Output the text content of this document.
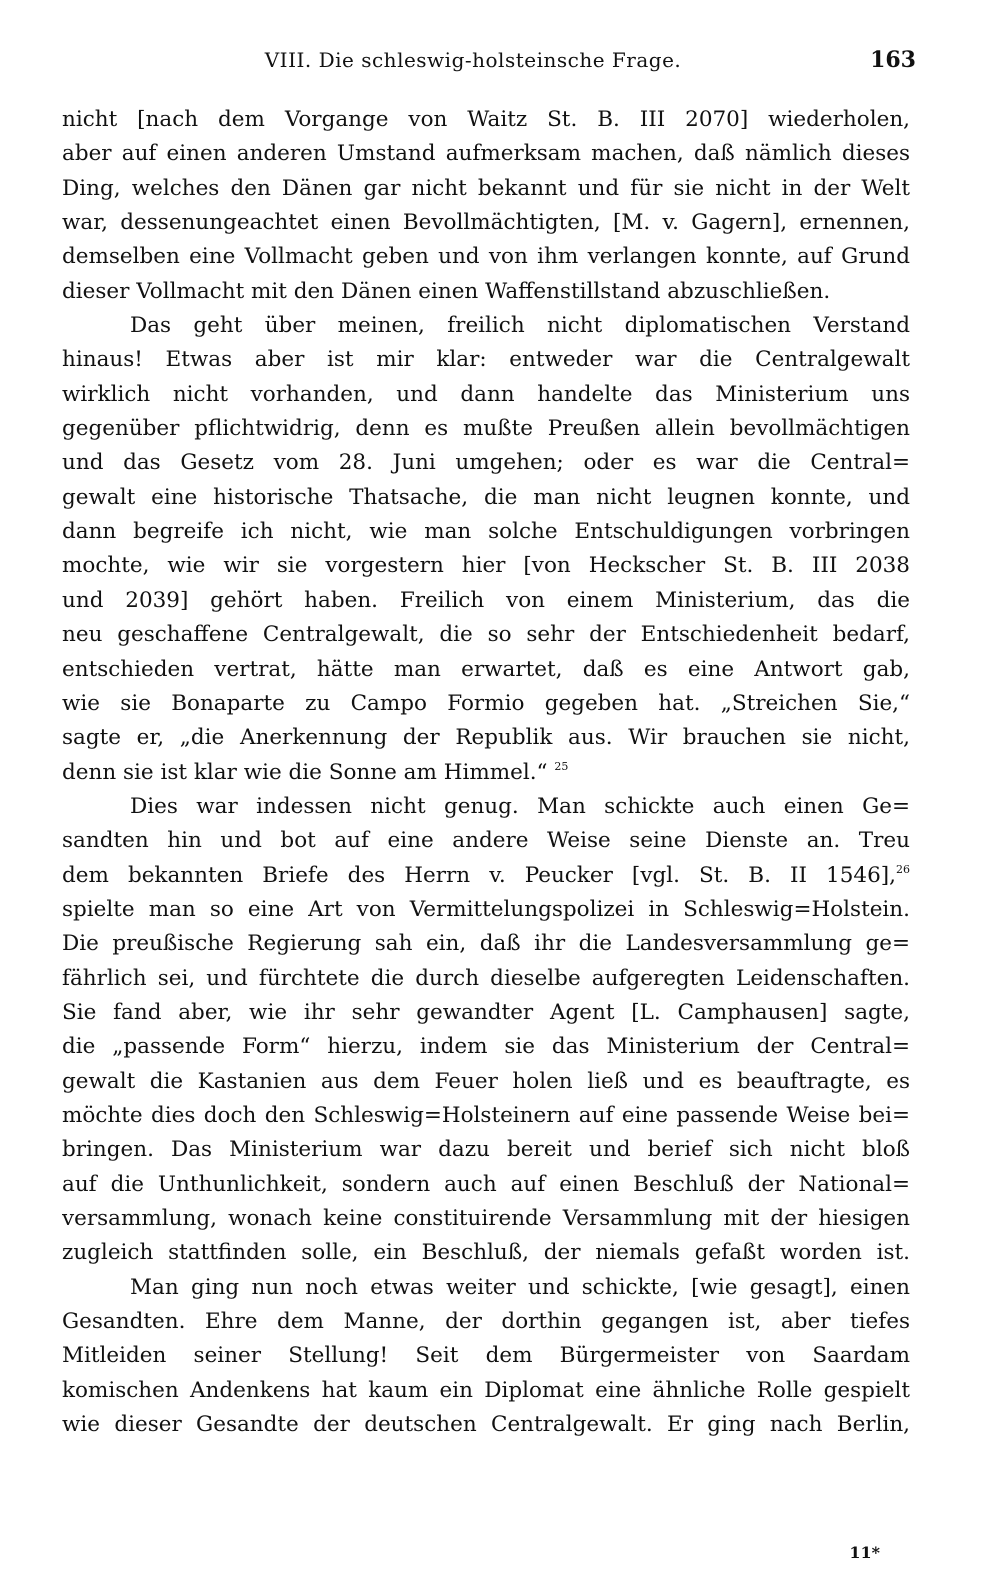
VIII. Die schleswig-holsteinsche Frage.	163
nicht [nach dem Vorgange von Waitz St. B. III 2070] wiederholen,
aber auf einen anderen Umstand aufmerksam machen, daß nämlich dieses
Ding, welches den Dänen gar nicht bekannt und für sie nicht in der Welt
war, dessenungeachtet einen Bevollmächtigten, [M. v. Gagern], ernennen,
demselben eine Vollmacht geben und von ihm verlangen konnte, auf Grund
dieser Vollmacht mit den Dänen einen Waffenstillstand abzuschließen.
Das geht über meinen, freilich nicht diplomatischen Verstand
hinaus! Etwas aber ist mir klar: entweder war die Centralgewalt
wirklich nicht vorhanden, und dann handelte das Ministerium uns
gegenüber pflichtwidrig, denn es mußte Preußen allein bevollmächtigen
und das Gesetz vom 28. Juni umgehen; oder es war die Central=
gewalt eine historische Thatsache, die man nicht leugnen konnte, und
dann begreife ich nicht, wie man solche Entschuldigungen vorbringen
mochte, wie wir sie vorgestern hier [von Heckscher St. B. III 2038
und 2039] gehört haben. Freilich von einem Ministerium, das die
neu geschaffene Centralgewalt, die so sehr der Entschiedenheit bedarf,
entschieden vertrat, hätte man erwartet, daß es eine Antwort gab,
wie sie Bonaparte zu Campo Formio gegeben hat. „Streichen Sie,“
sagte er, „die Anerkennung der Republik aus. Wir brauchen sie nicht,
denn sie ist klar wie die Sonne am Himmel.“ $^{25}$
Dies war indessen nicht genug. Man schickte auch einen Ge=
sandten hin und bot auf eine andere Weise seine Dienste an. Treu
dem bekannten Briefe des Herrn v. Peucker [vgl. St. B. II 1546],$^{26}$
spielte man so eine Art von Vermittelungspolizei in Schleswig=Holstein.
Die preußische Regierung sah ein, daß ihr die Landesversammlung ge=
fährlich sei, und fürchtete die durch dieselbe aufgeregten Leidenschaften.
Sie fand aber, wie ihr sehr gewandter Agent [L. Camphausen] sagte,
die „passende Form“ hierzu, indem sie das Ministerium der Central=
gewalt die Kastanien aus dem Feuer holen ließ und es beauftragte, es
möchte dies doch den Schleswig=Holsteinern auf eine passende Weise bei=
bringen. Das Ministerium war dazu bereit und berief sich nicht bloß
auf die Unthunlichkeit, sondern auch auf einen Beschluß der National=
versammlung, wonach keine constituirende Versammlung mit der hiesigen
zugleich stattfinden solle, ein Beschluß, der niemals gefaßt worden ist.
Man ging nun noch etwas weiter und schickte, [wie gesagt], einen
Gesandten. Ehre dem Manne, der dorthin gegangen ist, aber tiefes
Mitleiden seiner Stellung! Seit dem Bürgermeister von Saardam
komischen Andenkens hat kaum ein Diplomat eine ähnliche Rolle gespielt
wie dieser Gesandte der deutschen Centralgewalt. Er ging nach Berlin,
11*
